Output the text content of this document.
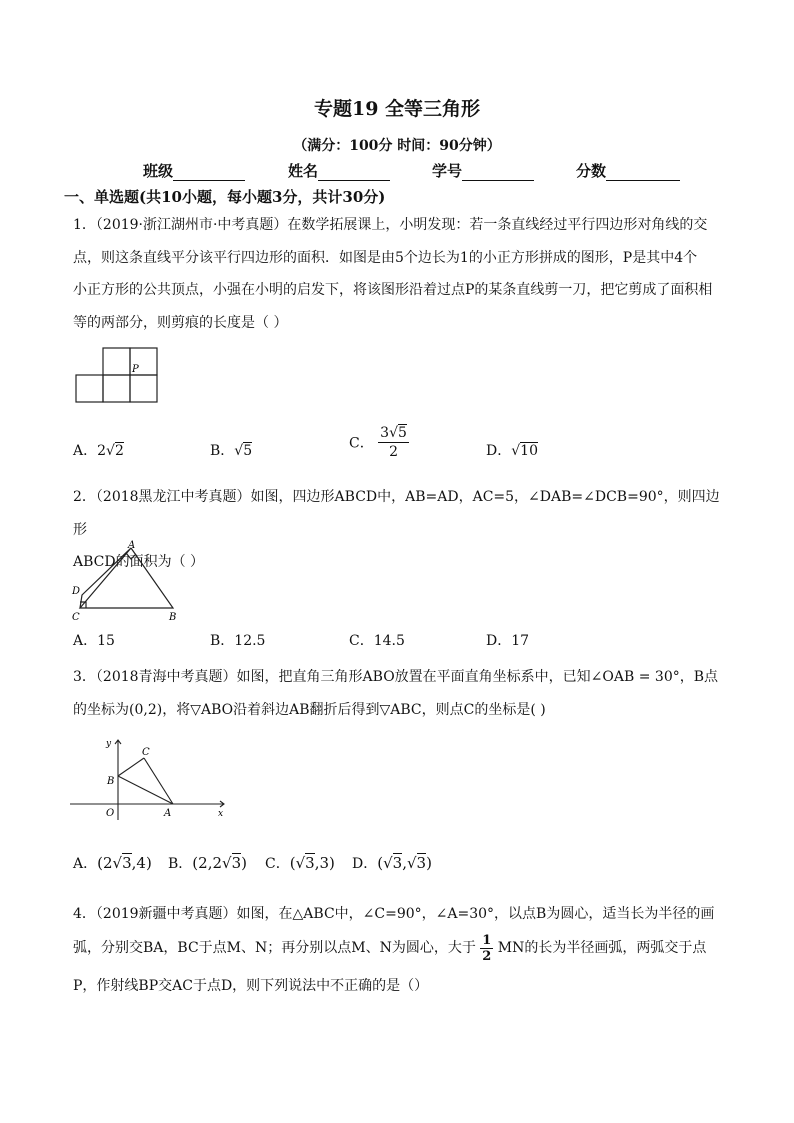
专题19 全等三角形
（满分：100分 时间：90分钟）
班级	姓名	学号	分数
一、单选题(共10小题，每小题3分，共计30分)
1．（2019·浙江湖州市·中考真题）在数学拓展课上，小明发现：若一条直线经过平行四边形对角线的交
点，则这条直线平分该平行四边形的面积．如图是由5个边长为1的小正方形拼成的图形，P是其中4个
小正方形的公共顶点，小强在小明的启发下，将该图形沿着过点P的某条直线剪一刀，把它剪成了面积相
等的两部分，则剪痕的长度是（ ）
P
A．2√2	B．√5	C． $\frac{3√5}{2}$	D．√10
2．（2018黑龙江中考真题）如图，四边形ABCD中，AB=AD，AC=5，∠DAB=∠DCB=90°，则四边形
ABCD的面积为（ ）
A
D
C	B
A．15	B．12.5	C．14.5	D．17
3．（2018青海中考真题）如图，把直角三角形ABO放置在平面直角坐标系中，已知∠OAB = 30°，B点
的坐标为(0,2)，将▽ABO沿着斜边AB翻折后得到▽ABC，则点C的坐标是( )
y
x
O	A
B
C
A．(2√3,4) B．(2,2√3) C．(√3,3) D．(√3,√3)
4．（2019新疆中考真题）如图，在△ABC中，∠C=90°，∠A=30°，以点B为圆心，适当长为半径的画
弧，分别交BA，BC于点M、N；再分别以点M、N为圆心，大于 $\frac{1}{2}$ MN的长为半径画弧，两弧交于点
P，作射线BP交AC于点D，则下列说法中不正确的是（）
